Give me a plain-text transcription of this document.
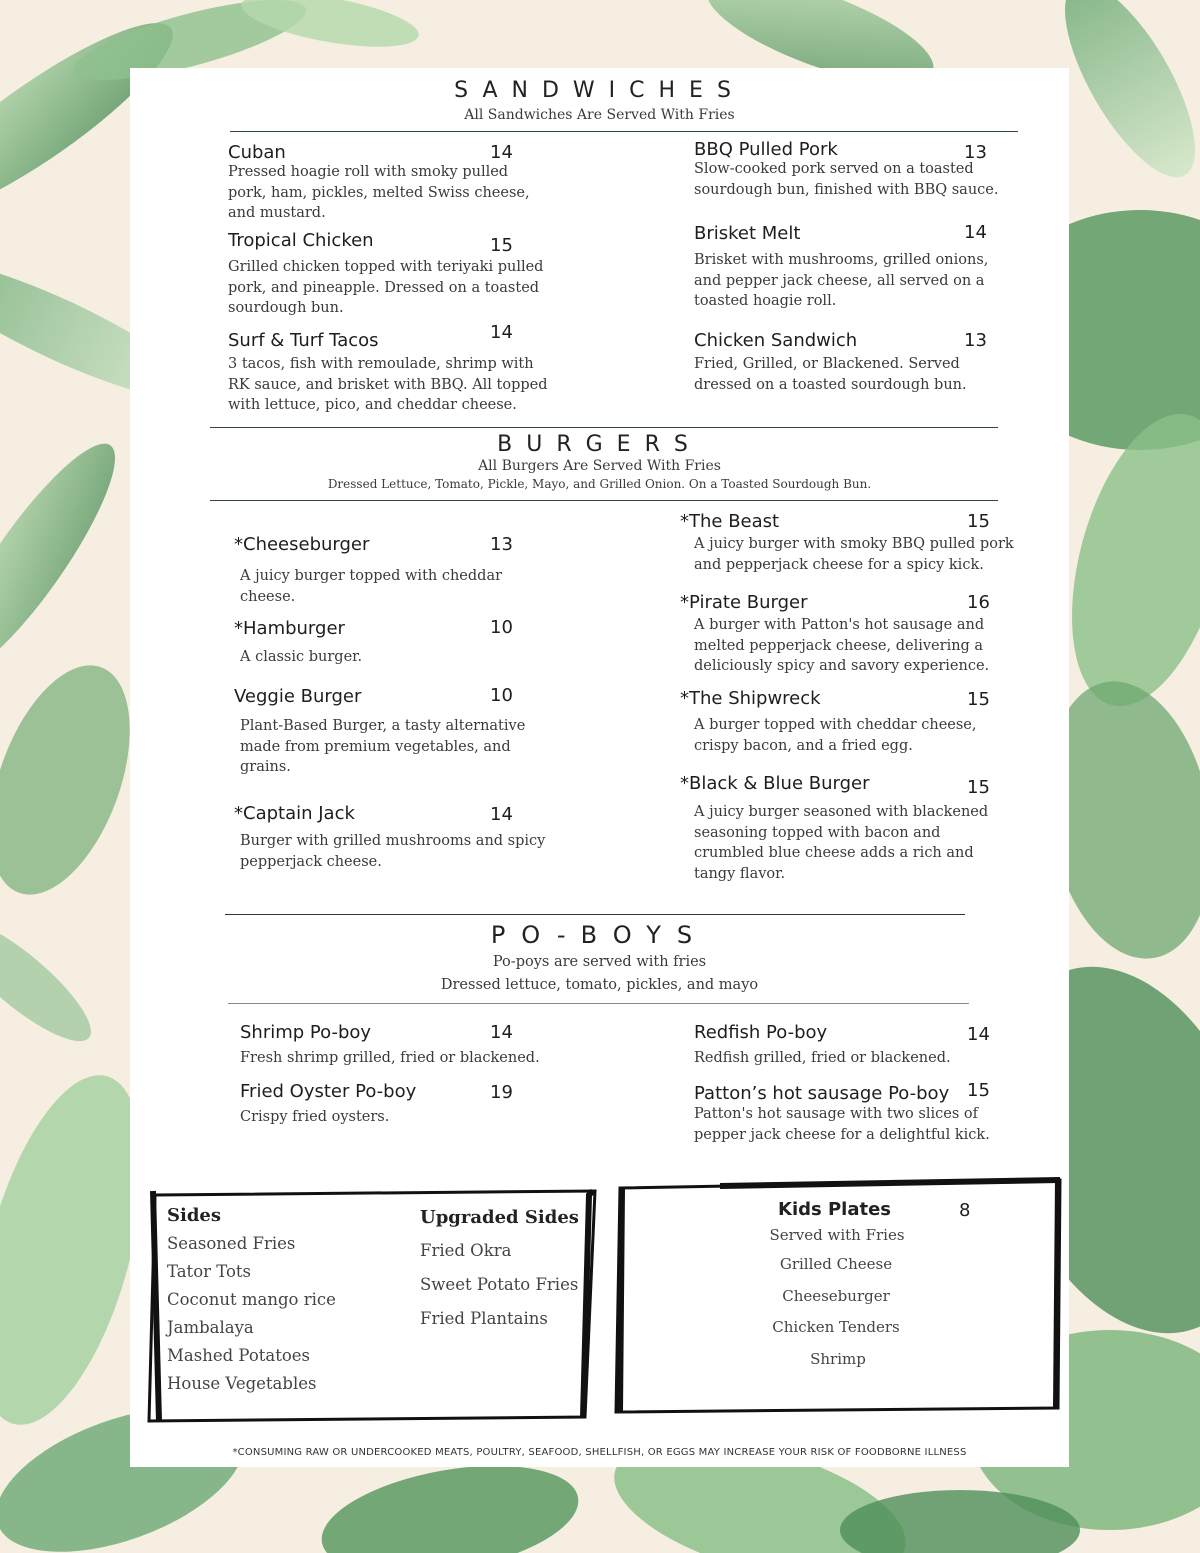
SANDWICHES
All Sandwiches Are Served With Fries
Cuban	14
Pressed hoagie roll with smoky pulled pork, ham, pickles, melted Swiss cheese, and mustard.
Tropical Chicken	15
Grilled chicken topped with teriyaki pulled pork, and pineapple. Dressed on a toasted sourdough bun.
Surf & Turf Tacos	14
3 tacos, fish with remoulade, shrimp with RK sauce, and brisket with BBQ. All topped with lettuce, pico, and cheddar cheese.
BBQ Pulled Pork	13
Slow-cooked pork served on a toasted sourdough bun, finished with BBQ sauce.
Brisket Melt	14
Brisket with mushrooms, grilled onions, and pepper jack cheese, all served on a toasted hoagie roll.
Chicken Sandwich	13
Fried, Grilled, or Blackened. Served dressed on a toasted sourdough bun.
BURGERS
All Burgers Are Served With Fries
Dressed Lettuce, Tomato, Pickle, Mayo, and Grilled Onion. On a Toasted Sourdough Bun.
*Cheeseburger	13
A juicy burger topped with cheddar cheese.
*Hamburger	10
A classic burger.
Veggie Burger	10
Plant-Based Burger, a tasty alternative made from premium vegetables, and grains.
*Captain Jack	14
Burger with grilled mushrooms and spicy pepperjack cheese.
*The Beast	15
A juicy burger with smoky BBQ pulled pork and pepperjack cheese for a spicy kick.
*Pirate Burger	16
A burger with Patton's hot sausage and melted pepperjack cheese, delivering a deliciously spicy and savory experience.
*The Shipwreck	15
A burger topped with cheddar cheese, crispy bacon, and a fried egg.
*Black & Blue Burger	15
A juicy burger seasoned with blackened seasoning topped with bacon and crumbled blue cheese adds a rich and tangy flavor.
PO-BOYS
Po-poys are served with fries
Dressed lettuce, tomato, pickles, and mayo
Shrimp Po-boy	14
Fresh shrimp grilled, fried or blackened.
Fried Oyster Po-boy	19
Crispy fried oysters.
Redfish Po-boy	14
Redfish grilled, fried or blackened.
Patton’s hot sausage Po-boy 15
Patton's hot sausage with two slices of pepper jack cheese for a delightful kick.
Sides
Seasoned Fries
Tator Tots
Coconut mango rice
Jambalaya
Mashed Potatoes
House Vegetables
Upgraded Sides
Fried Okra
Sweet Potato Fries
Fried Plantains
Kids Plates	8
Served with Fries
Grilled Cheese
Cheeseburger
Chicken Tenders
Shrimp
*CONSUMING RAW OR UNDERCOOKED MEATS, POULTRY, SEAFOOD, SHELLFISH, OR EGGS MAY INCREASE YOUR RISK OF FOODBORNE ILLNESS
